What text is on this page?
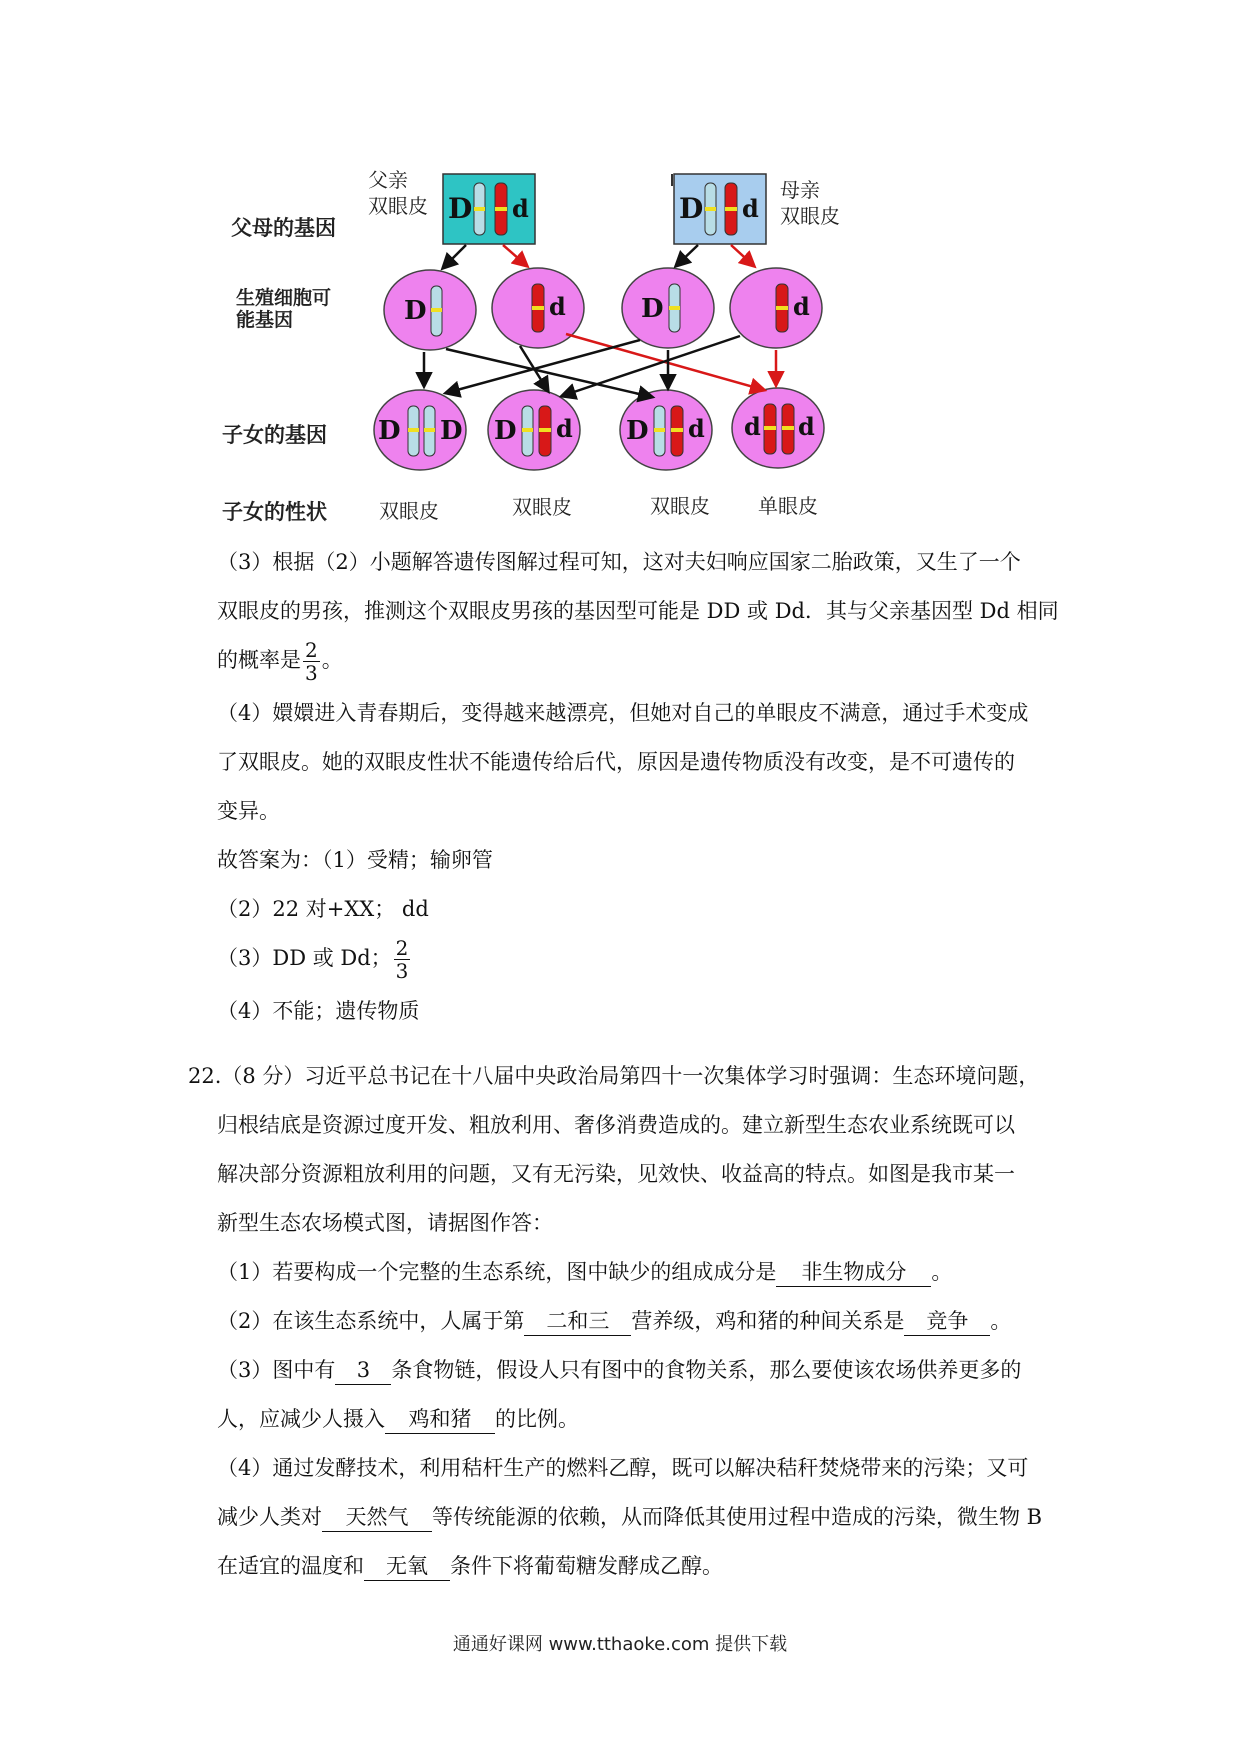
父母的基因
生殖细胞可能基因
子女的基因
子女的性状
父亲
双眼皮
母亲
双眼皮
D d	D d
D	d	D	d
D D D d D d d d
双眼皮	双眼皮	双眼皮 单眼皮

（3）根据（2）小题解答遗传图解过程可知，这对夫妇响应国家二胎政策，又生了一个

双眼皮的男孩，推测这个双眼皮男孩的基因型可能是 DD 或 Dd．其与父亲基因型 Dd 相同

的概率是 $\frac{2}{3}$ 。

（4）嬛嬛进入青春期后，变得越来越漂亮，但她对自己的单眼皮不满意，通过手术变成

了双眼皮。她的双眼皮性状不能遗传给后代，原因是遗传物质没有改变，是不可遗传的

变异。

故答案为：（1）受精；输卵管

（2）22 对+XX； dd

（3）DD 或 Dd； $\frac{2}{3}$

（4）不能；遗传物质

22.（8 分）习近平总书记在十八届中央政治局第四十一次集体学习时强调：生态环境问题，

归根结底是资源过度开发、粗放利用、奢侈消费造成的。建立新型生态农业系统既可以

解决部分资源粗放利用的问题，又有无污染，见效快、收益高的特点。如图是我市某一

新型生态农场模式图，请据图作答：

（1）若要构成一个完整的生态系统，图中缺少的组成成分是 非生物成分 。

（2）在该生态系统中，人属于第 二和三 营养级，鸡和猪的种间关系是 竞争 。

（3）图中有 3 条食物链，假设人只有图中的食物关系，那么要使该农场供养更多的

人，应减少人摄入 鸡和猪 的比例。

（4）通过发酵技术，利用秸杆生产的燃料乙醇，既可以解决秸秆焚烧带来的污染；又可

减少人类对 天然气 等传统能源的依赖，从而降低其使用过程中造成的污染，微生物 B

在适宜的温度和 无氧 条件下将葡萄糖发酵成乙醇。

通通好课网 www.tthaoke.com 提供下载
